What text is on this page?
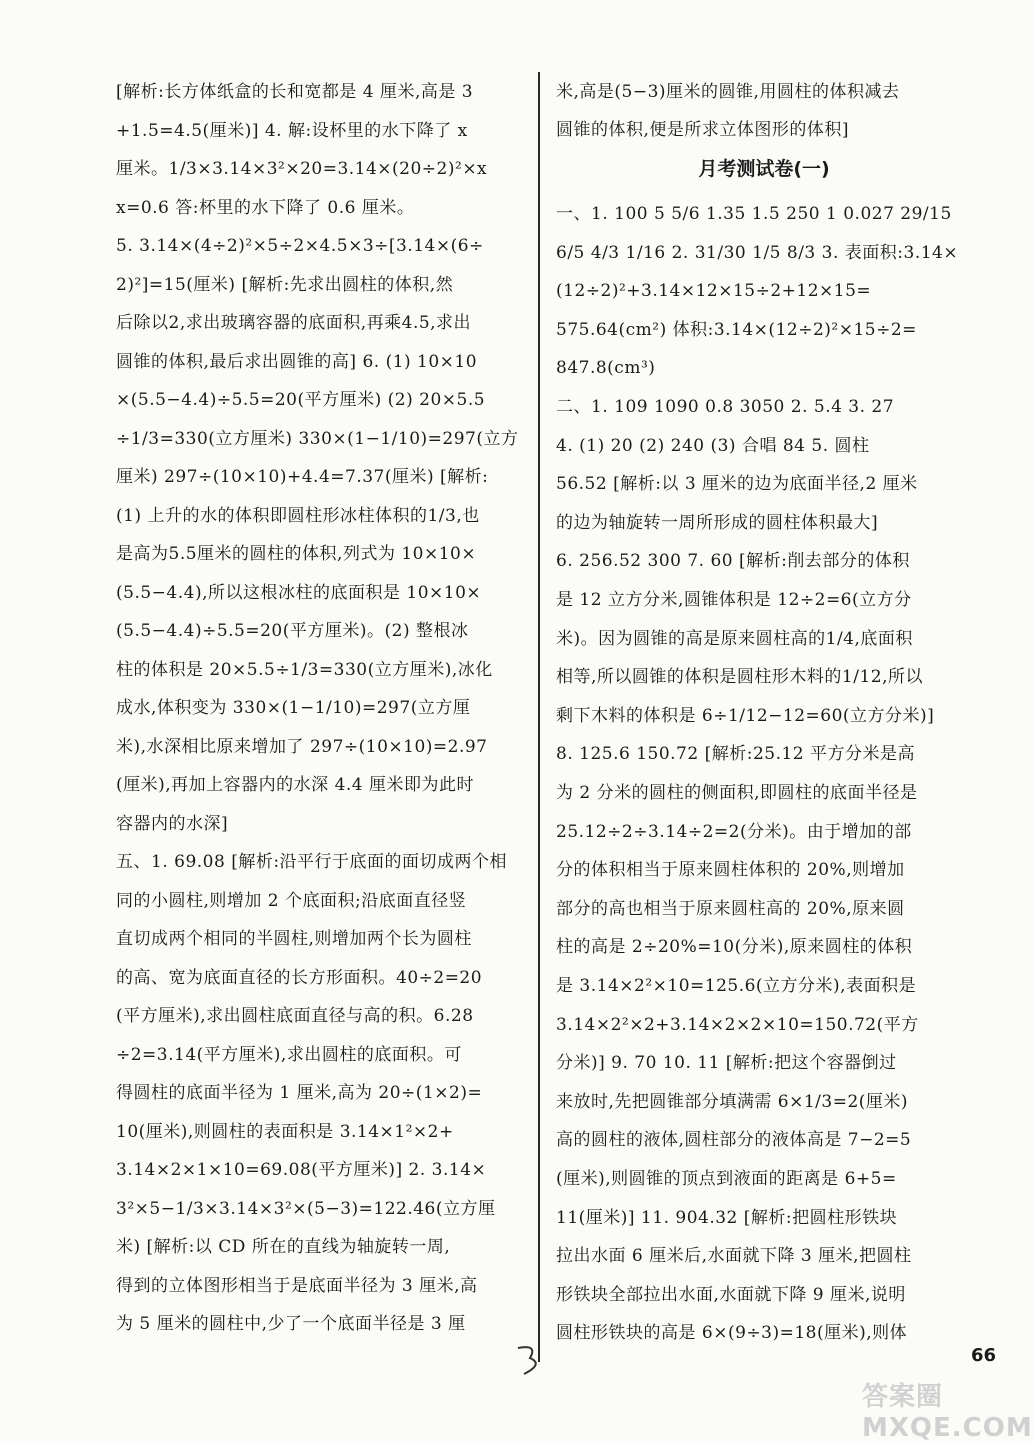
[解析:长方体纸盒的长和宽都是 4 厘米,高是 3
+1.5=4.5(厘米)] 4. 解:设杯里的水下降了 x
厘米。1/3×3.14×3²×20=3.14×(20÷2)²×x
x=0.6 答:杯里的水下降了 0.6 厘米。
5. 3.14×(4÷2)²×5÷2×4.5×3÷[3.14×(6÷
2)²]=15(厘米) [解析:先求出圆柱的体积,然
后除以2,求出玻璃容器的底面积,再乘4.5,求出
圆锥的体积,最后求出圆锥的高] 6. (1) 10×10
×(5.5−4.4)÷5.5=20(平方厘米) (2) 20×5.5
÷1/3=330(立方厘米) 330×(1−1/10)=297(立方
厘米) 297÷(10×10)+4.4=7.37(厘米) [解析:
(1) 上升的水的体积即圆柱形冰柱体积的1/3,也
是高为5.5厘米的圆柱的体积,列式为 10×10×
(5.5−4.4),所以这根冰柱的底面积是 10×10×
(5.5−4.4)÷5.5=20(平方厘米)。(2) 整根冰
柱的体积是 20×5.5÷1/3=330(立方厘米),冰化
成水,体积变为 330×(1−1/10)=297(立方厘
米),水深相比原来增加了 297÷(10×10)=2.97
(厘米),再加上容器内的水深 4.4 厘米即为此时
容器内的水深]
五、1. 69.08 [解析:沿平行于底面的面切成两个相
同的小圆柱,则增加 2 个底面积;沿底面直径竖
直切成两个相同的半圆柱,则增加两个长为圆柱
的高、宽为底面直径的长方形面积。40÷2=20
(平方厘米),求出圆柱底面直径与高的积。6.28
÷2=3.14(平方厘米),求出圆柱的底面积。可
得圆柱的底面半径为 1 厘米,高为 20÷(1×2)=
10(厘米),则圆柱的表面积是 3.14×1²×2+
3.14×2×1×10=69.08(平方厘米)] 2. 3.14×
3²×5−1/3×3.14×3²×(5−3)=122.46(立方厘
米) [解析:以 CD 所在的直线为轴旋转一周,
得到的立体图形相当于是底面半径为 3 厘米,高
为 5 厘米的圆柱中,少了一个底面半径是 3 厘
月考测试卷(一)
米,高是(5−3)厘米的圆锥,用圆柱的体积减去
圆锥的体积,便是所求立体图形的体积]
一、1. 100 5 5/6 1.35 1.5 250 1 0.027 29/15
6/5 4/3 1/16 2. 31/30 1/5 8/3 3. 表面积:3.14×
(12÷2)²+3.14×12×15÷2+12×15=
575.64(cm²) 体积:3.14×(12÷2)²×15÷2=
847.8(cm³)
二、1. 109 1090 0.8 3050 2. 5.4 3. 27
4. (1) 20 (2) 240 (3) 合唱 84 5. 圆柱
56.52 [解析:以 3 厘米的边为底面半径,2 厘米
的边为轴旋转一周所形成的圆柱体积最大]
6. 256.52 300 7. 60 [解析:削去部分的体积
是 12 立方分米,圆锥体积是 12÷2=6(立方分
米)。因为圆锥的高是原来圆柱高的1/4,底面积
相等,所以圆锥的体积是圆柱形木料的1/12,所以
剩下木料的体积是 6÷1/12−12=60(立方分米)]
8. 125.6 150.72 [解析:25.12 平方分米是高
为 2 分米的圆柱的侧面积,即圆柱的底面半径是
25.12÷2÷3.14÷2=2(分米)。由于增加的部
分的体积相当于原来圆柱体积的 20%,则增加
部分的高也相当于原来圆柱高的 20%,原来圆
柱的高是 2÷20%=10(分米),原来圆柱的体积
是 3.14×2²×10=125.6(立方分米),表面积是
3.14×2²×2+3.14×2×2×10=150.72(平方
分米)] 9. 70 10. 11 [解析:把这个容器倒过
来放时,先把圆锥部分填满需 6×1/3=2(厘米)
高的圆柱的液体,圆柱部分的液体高是 7−2=5
(厘米),则圆锥的顶点到液面的距离是 6+5=
11(厘米)] 11. 904.32 [解析:把圆柱形铁块
拉出水面 6 厘米后,水面就下降 3 厘米,把圆柱
形铁块全部拉出水面,水面就下降 9 厘米,说明
圆柱形铁块的高是 6×(9÷3)=18(厘米),则体
66
答案圈 MXQE.COM
